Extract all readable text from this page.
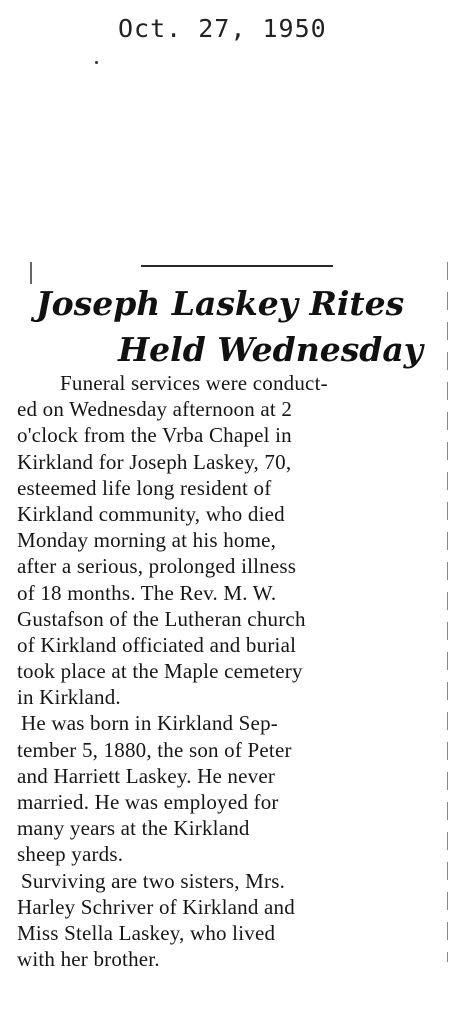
Oct. 27, 1950
Joseph Laskey Rites
Held Wednesday
Funeral services were conduct-
ed on Wednesday afternoon at 2
o'clock from the Vrba Chapel in
Kirkland for Joseph Laskey, 70,
esteemed life long resident of
Kirkland community, who died
Monday morning at his home,
after a serious, prolonged illness
of 18 months. The Rev. M. W.
Gustafson of the Lutheran church
of Kirkland officiated and burial
took place at the Maple cemetery
in Kirkland.
He was born in Kirkland Sep-
tember 5, 1880, the son of Peter
and Harriett Laskey. He never
married. He was employed for
many years at the Kirkland
sheep yards.
Surviving are two sisters, Mrs.
Harley Schriver of Kirkland and
Miss Stella Laskey, who lived
with her brother.
